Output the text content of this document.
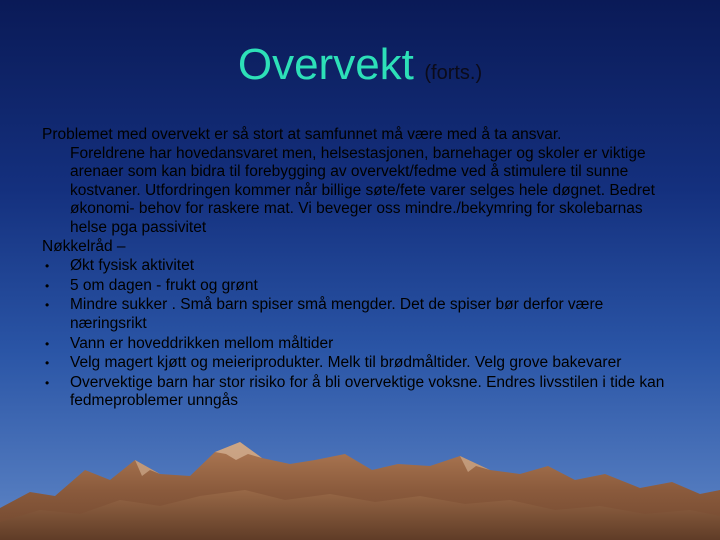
Overvekt (forts.)

Problemet med overvekt er så stort at samfunnet må være med å ta ansvar.
Foreldrene har hovedansvaret men, helsestasjonen, barnehager og skoler er viktige arenaer som kan bidra til forebygging av overvekt/fedme ved å stimulere til sunne kostvaner. Utfordringen kommer når billige søte/fete varer selges hele døgnet. Bedret økonomi- behov for raskere mat. Vi beveger oss mindre./bekymring for skolebarnas helse pga passivitet

Nøkkelråd –
• Økt fysisk aktivitet
• 5 om dagen - frukt og grønt
• Mindre sukker . Små barn spiser små mengder. Det de spiser bør derfor være næringsrikt
• Vann er hoveddrikken mellom måltider
• Velg magert kjøtt og meieriprodukter. Melk til brødmåltider. Velg grove bakevarer
• Overvektige barn har stor risiko for å bli overvektige voksne. Endres livsstilen i tide kan fedmeproblemer unngås
